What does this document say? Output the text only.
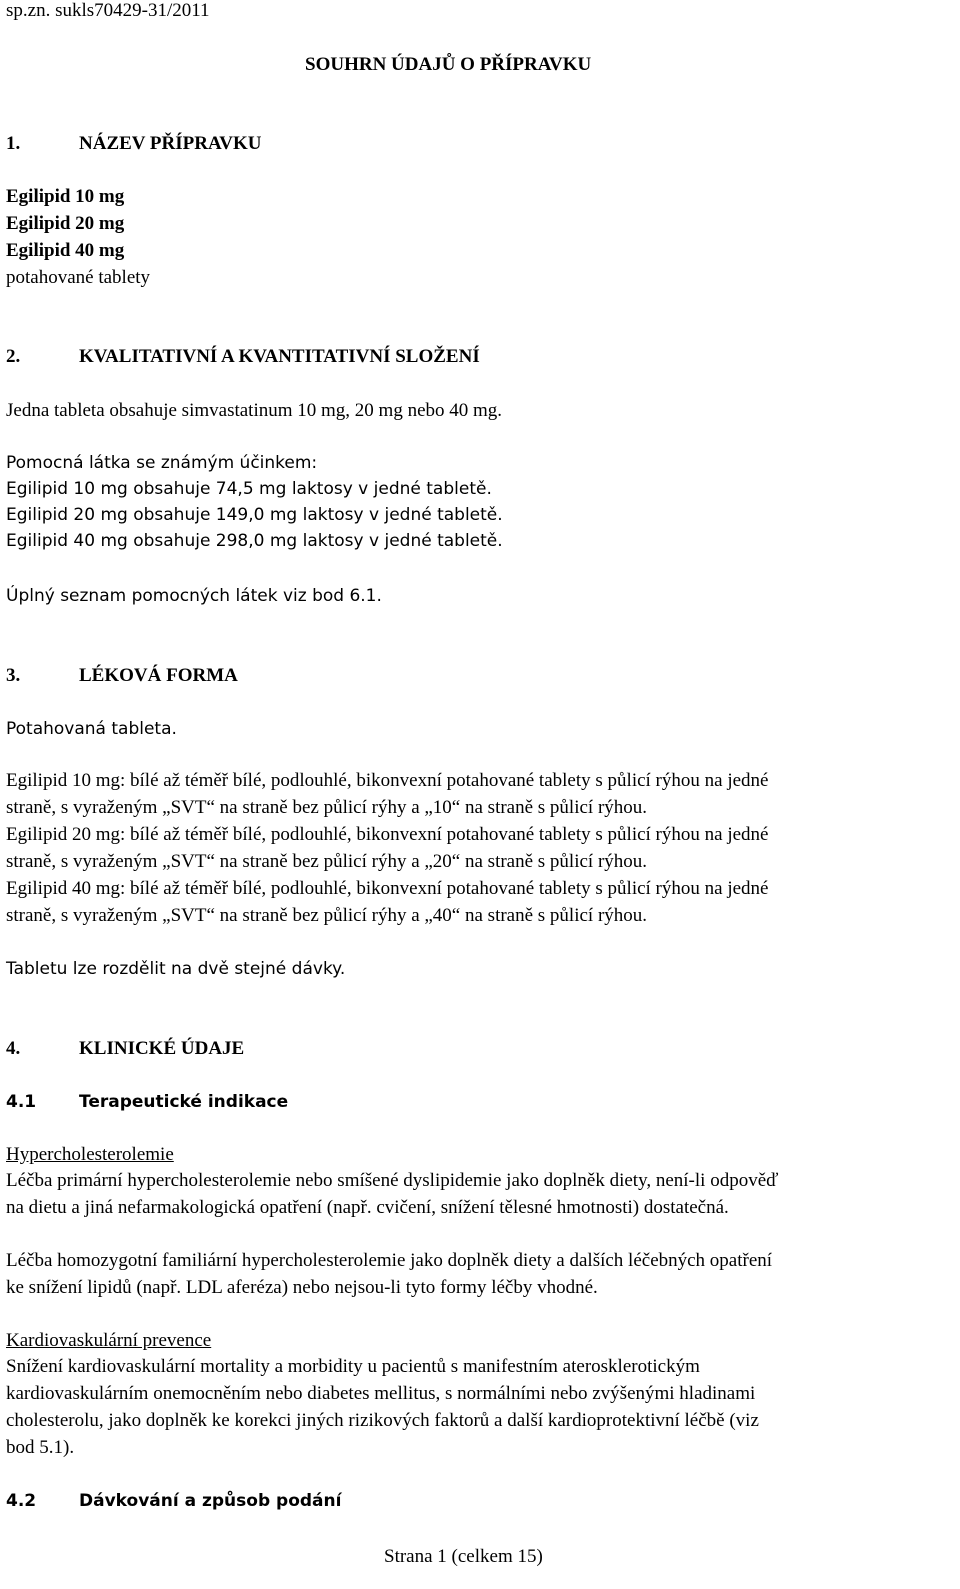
sp.zn. sukls70429-31/2011
SOUHRN ÚDAJŮ O PŘÍPRAVKU
1.	NÁZEV PŘÍPRAVKU
Egilipid 10 mg
Egilipid 20 mg
Egilipid 40 mg
potahované tablety
2.	KVALITATIVNÍ A KVANTITATIVNÍ SLOŽENÍ
Jedna tableta obsahuje simvastatinum 10 mg, 20 mg nebo 40 mg.
Pomocná látka se známým účinkem:
Egilipid 10 mg obsahuje 74,5 mg laktosy v jedné tabletě.
Egilipid 20 mg obsahuje 149,0 mg laktosy v jedné tabletě.
Egilipid 40 mg obsahuje 298,0 mg laktosy v jedné tabletě.
Úplný seznam pomocných látek viz bod 6.1.
3.	LÉKOVÁ FORMA
Potahovaná tableta.
Egilipid 10 mg: bílé až téměř bílé, podlouhlé, bikonvexní potahované tablety s půlicí rýhou na jedné
straně, s vyraženým „SVT“ na straně bez půlicí rýhy a „10“ na straně s půlicí rýhou.
Egilipid 20 mg: bílé až téměř bílé, podlouhlé, bikonvexní potahované tablety s půlicí rýhou na jedné
straně, s vyraženým „SVT“ na straně bez půlicí rýhy a „20“ na straně s půlicí rýhou.
Egilipid 40 mg: bílé až téměř bílé, podlouhlé, bikonvexní potahované tablety s půlicí rýhou na jedné
straně, s vyraženým „SVT“ na straně bez půlicí rýhy a „40“ na straně s půlicí rýhou.
Tabletu lze rozdělit na dvě stejné dávky.
4.	KLINICKÉ ÚDAJE
4.1	Terapeutické indikace
Hypercholesterolemie
Léčba primární hypercholesterolemie nebo smíšené dyslipidemie jako doplněk diety, není-li odpověď
na dietu a jiná nefarmakologická opatření (např. cvičení, snížení tělesné hmotnosti) dostatečná.
Léčba homozygotní familiární hypercholesterolemie jako doplněk diety a dalších léčebných opatření
ke snížení lipidů (např. LDL aferéza) nebo nejsou-li tyto formy léčby vhodné.
Kardiovaskulární prevence
Snížení kardiovaskulární mortality a morbidity u pacientů s manifestním aterosklerotickým
kardiovaskulárním onemocněním nebo diabetes mellitus, s normálními nebo zvýšenými hladinami
cholesterolu, jako doplněk ke korekci jiných rizikových faktorů a další kardioprotektivní léčbě (viz
bod 5.1).
4.2	Dávkování a způsob podání
Strana 1 (celkem 15)
